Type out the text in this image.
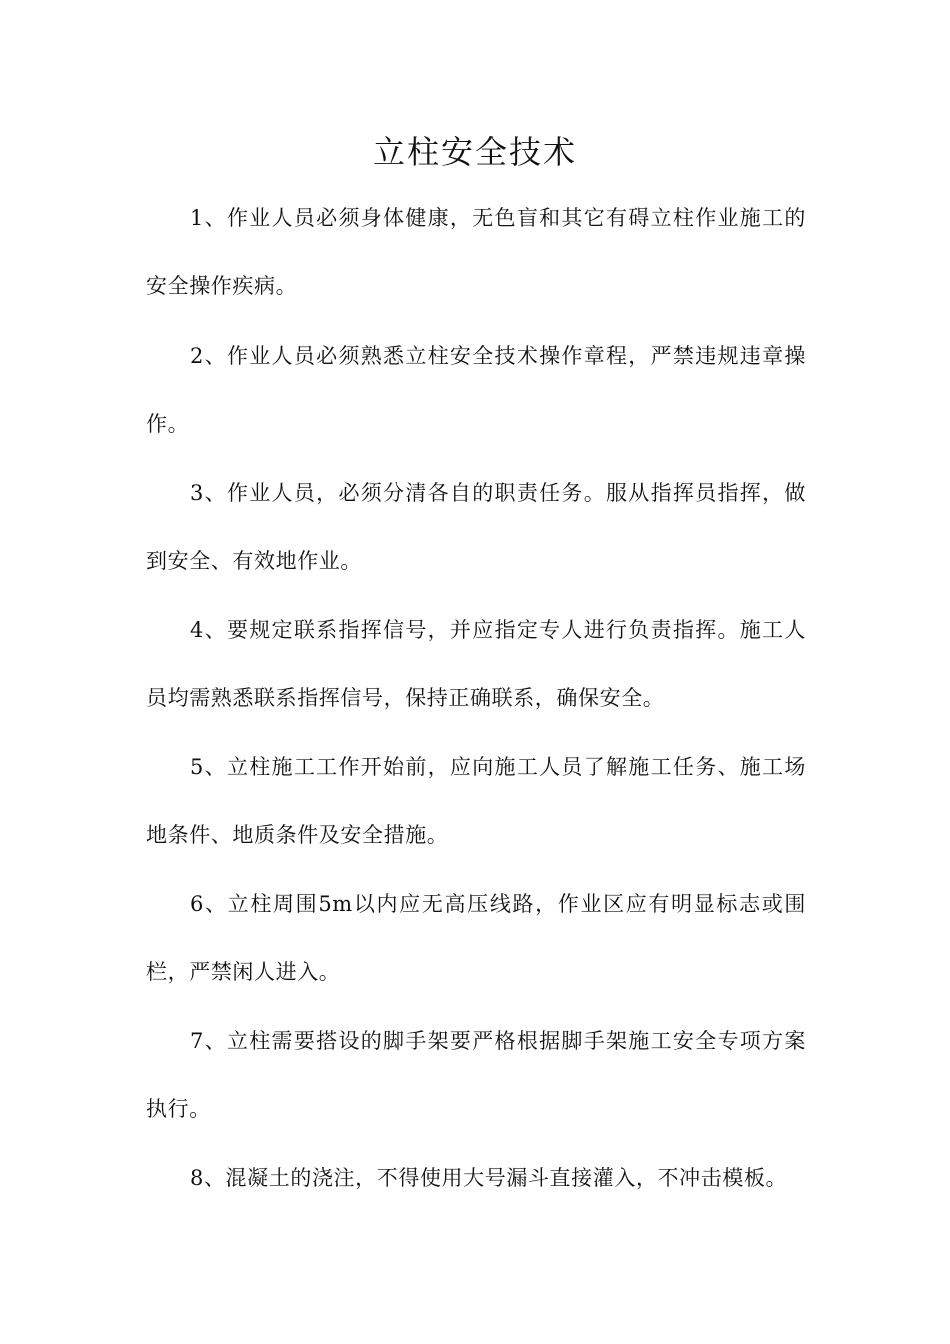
立柱安全技术
1、作业人员必须身体健康，无色盲和其它有碍立柱作业施工的
安全操作疾病。
2、作业人员必须熟悉立柱安全技术操作章程，严禁违规违章操
作。
3、作业人员，必须分清各自的职责任务。服从指挥员指挥，做
到安全、有效地作业。
4、要规定联系指挥信号，并应指定专人进行负责指挥。施工人
员均需熟悉联系指挥信号，保持正确联系，确保安全。
5、立柱施工工作开始前，应向施工人员了解施工任务、施工场
地条件、地质条件及安全措施。
6、立柱周围5m以内应无高压线路，作业区应有明显标志或围
栏，严禁闲人进入。
7、立柱需要搭设的脚手架要严格根据脚手架施工安全专项方案
执行。
8、混凝土的浇注，不得使用大号漏斗直接灌入，不冲击模板。
